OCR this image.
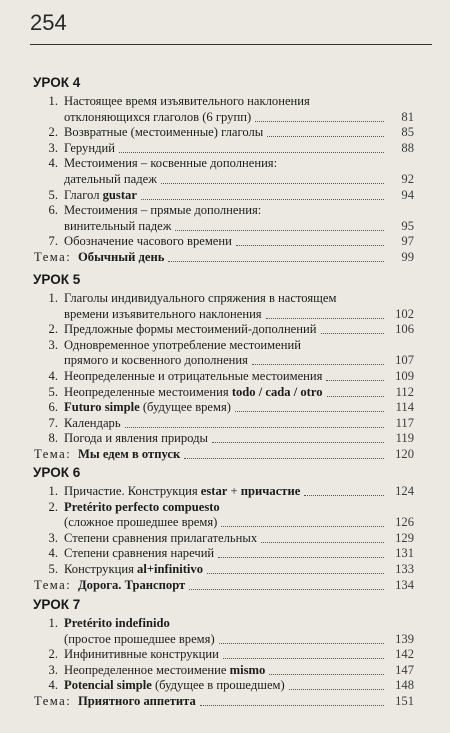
254
УРОК 4
1. Настоящее время изъявительного наклонения
отклоняющихся глаголов (6 групп)	81
2. Возвратные (местоименные) глаголы	85
3. Герундий	88
4. Местоимения – косвенные дополнения:
дательный падеж	92
5. Глагол gustar	94
6. Местоимения – прямые дополнения:
винительный падеж	95
7. Обозначение часового времени	97
Тема: Обычный день	99
УРОК 5
1. Глаголы индивидуального спряжения в настоящем
времени изъявительного наклонения	102
2. Предложные формы местоимений-дополнений	106
3. Одновременное употребление местоимений
прямого и косвенного дополнения	107
4. Неопределенные и отрицательные местоимения	109
5. Неопределенные местоимения todo / cada / otro	112
6. Futuro simple (будущее время)	114
7. Календарь	117
8. Погода и явления природы	119
Тема: Мы едем в отпуск	120
УРОК 6
1. Причастие. Конструкция estar + причастие	124
2. Pretérito perfecto compuesto
(сложное прошедшее время)	126
3. Степени сравнения прилагательных	129
4. Степени сравнения наречий	131
5. Конструкция al+infinitivo	133
Тема: Дорога. Транспорт	134
УРОК 7
1. Pretérito indefinido
(простое прошедшее время)	139
2. Инфинитивные конструкции	142
3. Неопределенное местоимение mismo	147
4. Potencial simple (будущее в прошедшем)	148
Тема: Приятного аппетита	151
